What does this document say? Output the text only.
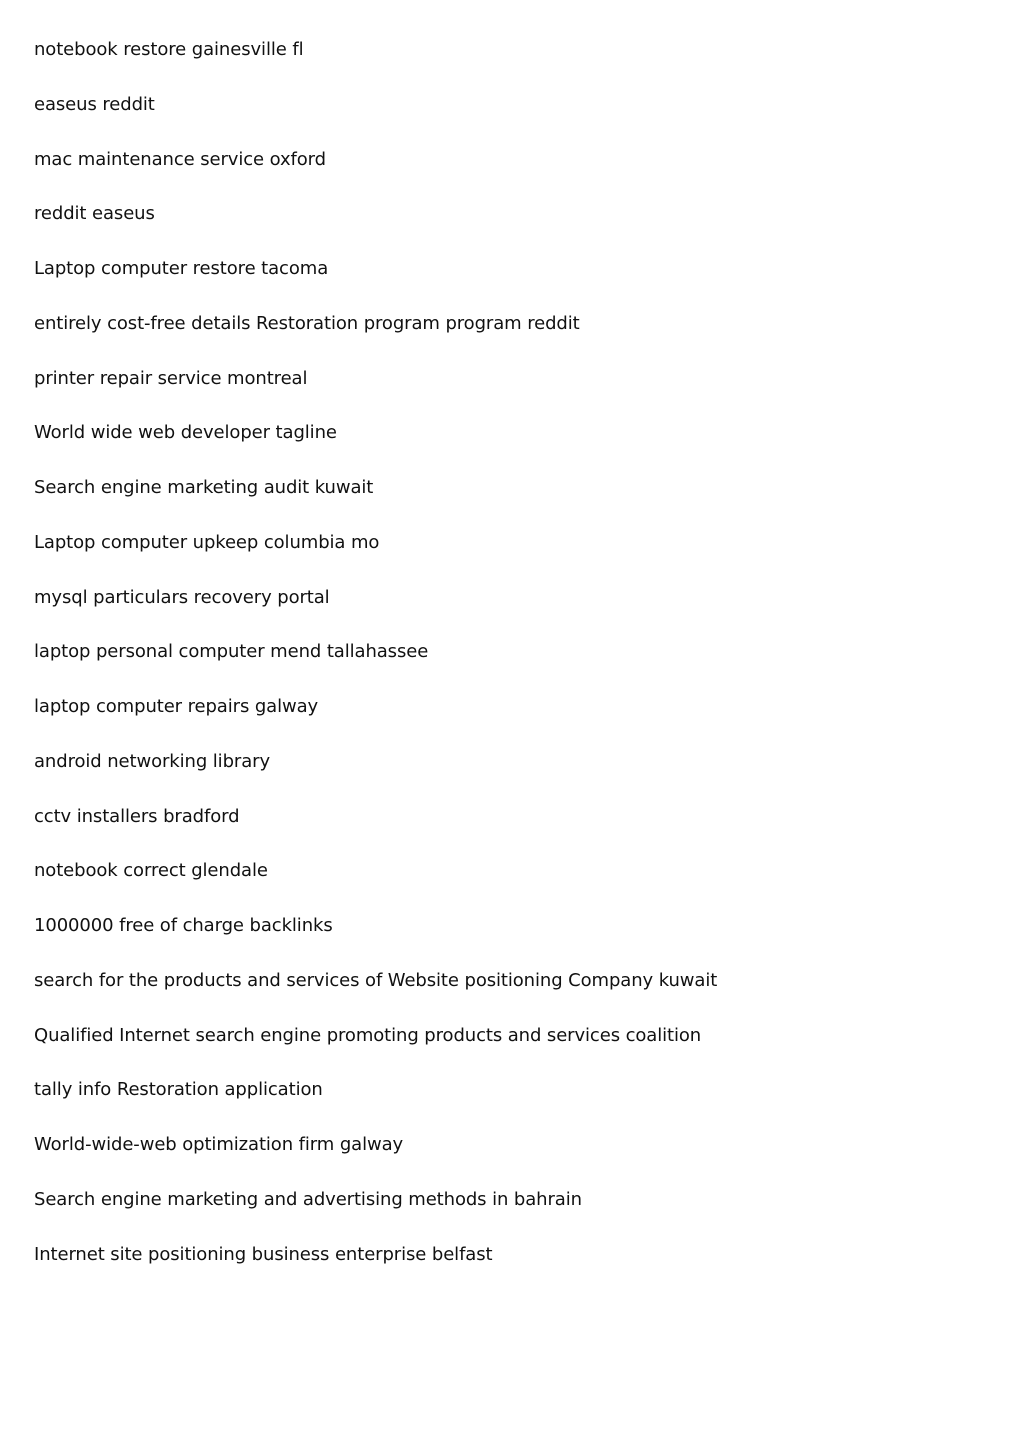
notebook restore gainesville fl
easeus reddit
mac maintenance service oxford
reddit easeus
Laptop computer restore tacoma
entirely cost-free details Restoration program program reddit
printer repair service montreal
World wide web developer tagline
Search engine marketing audit kuwait
Laptop computer upkeep columbia mo
mysql particulars recovery portal
laptop personal computer mend tallahassee
laptop computer repairs galway
android networking library
cctv installers bradford
notebook correct glendale
1000000 free of charge backlinks
search for the products and services of Website positioning Company kuwait
Qualified Internet search engine promoting products and services coalition
tally info Restoration application
World-wide-web optimization firm galway
Search engine marketing and advertising methods in bahrain
Internet site positioning business enterprise belfast
